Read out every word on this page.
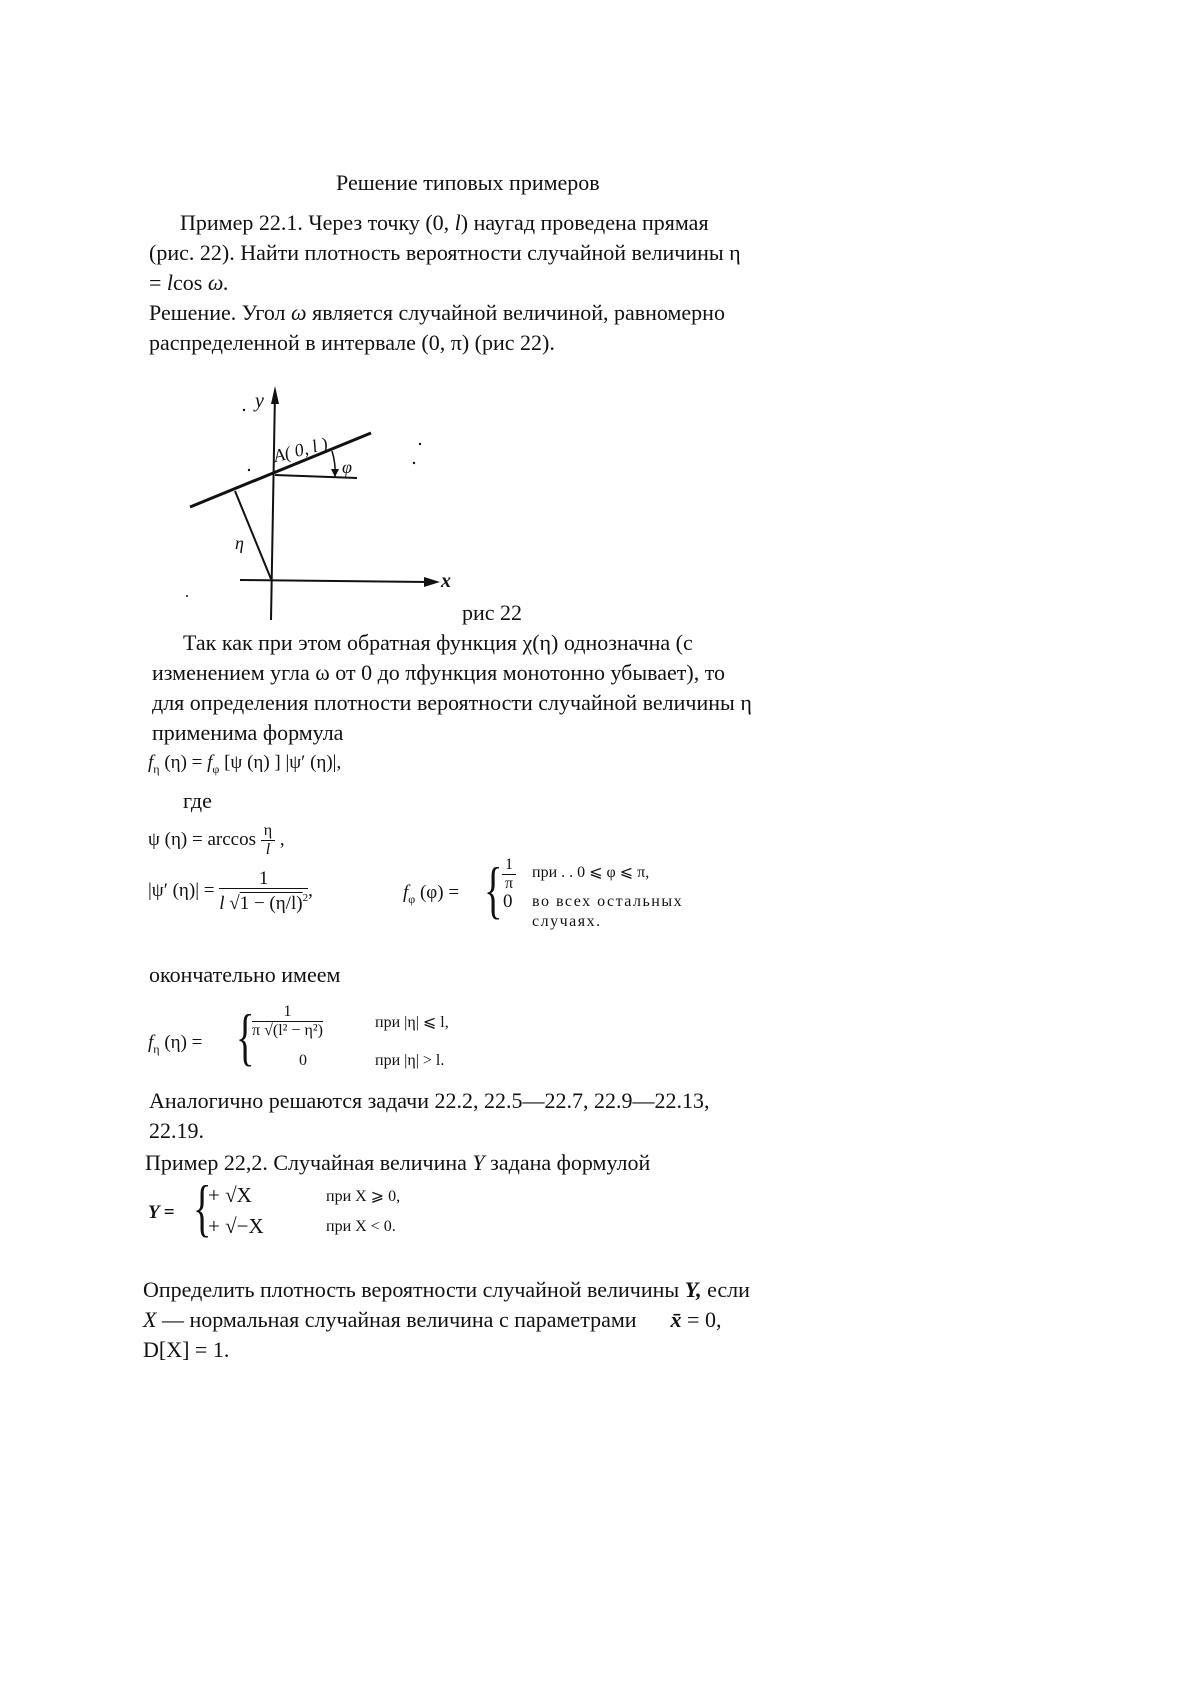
Решение типовых примеров
Пример 22.1. Через точку (0, l) наугад проведена прямая
(рис. 22). Найти плотность вероятности случайной величины η
= lcos ω.
Решение. Угол ω является случайной величиной, равномерно
распределенной в интервале (0, π) (рис 22).
y
x
A( 0, l )
φ
η
рис 22
Так как при этом обратная функция χ(η) однозначна (с
изменением угла ω от 0 до πфункция монотонно убывает), то
для определения плотности вероятности случайной величины η
применима формула
$f_\eta$ $(\eta) = f_\varphi$ [ψ (η) ] |ψ′ (η)|,
где
ψ $(\eta) = \arccos \frac{\eta}{l}$ ,
|ψ′ $(\eta)| = \frac{1}{l √1 - (\eta/l)^2}$ ,	$f_\varphi$ (φ) = { $\frac{1}{\pi}$ при . . 0 ⩽ φ ⩽ π,
0 во всех остальных
случаях.
окончательно имеем
$f_\eta$ (η) = {
$\frac{1}{\text{π √(l² − η²)}}$	при |η| ⩽ l,
0	при |η| > l.
Аналогично решаются задачи 22.2, 22.5—22.7, 22.9—22.13,
22.19.
Пример 22,2. Случайная величина Y задана формулой
Y = {
+ √X	при X ⩾ 0,
+ √−X	при X < 0.
Определить плотность вероятности случайной величины Y, если
X — нормальная случайная величина с параметрами x̄ = 0,
D[X] = 1.
